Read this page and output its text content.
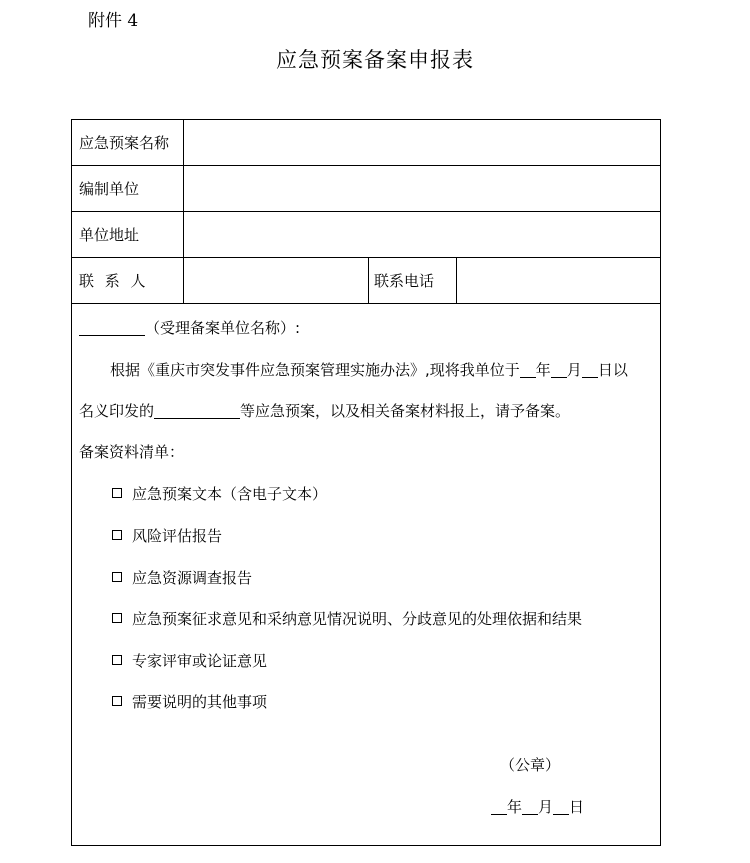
附件 4
应急预案备案申报表
应急预案名称
编制单位
单位地址
联 系 人	联系电话
（受理备案单位名称）:
根据《重庆市突发事件应急预案管理实施办法》,现将我单位于 年 月 日以
名义印发的	等应急预案，以及相关备案材料报上，请予备案。
备案资料清单：
应急预案文本（含电子文本）
风险评估报告
应急资源调查报告
应急预案征求意见和采纳意见情况说明、分歧意见的处理依据和结果
专家评审或论证意见
需要说明的其他事项
（公章）
年 月 日
